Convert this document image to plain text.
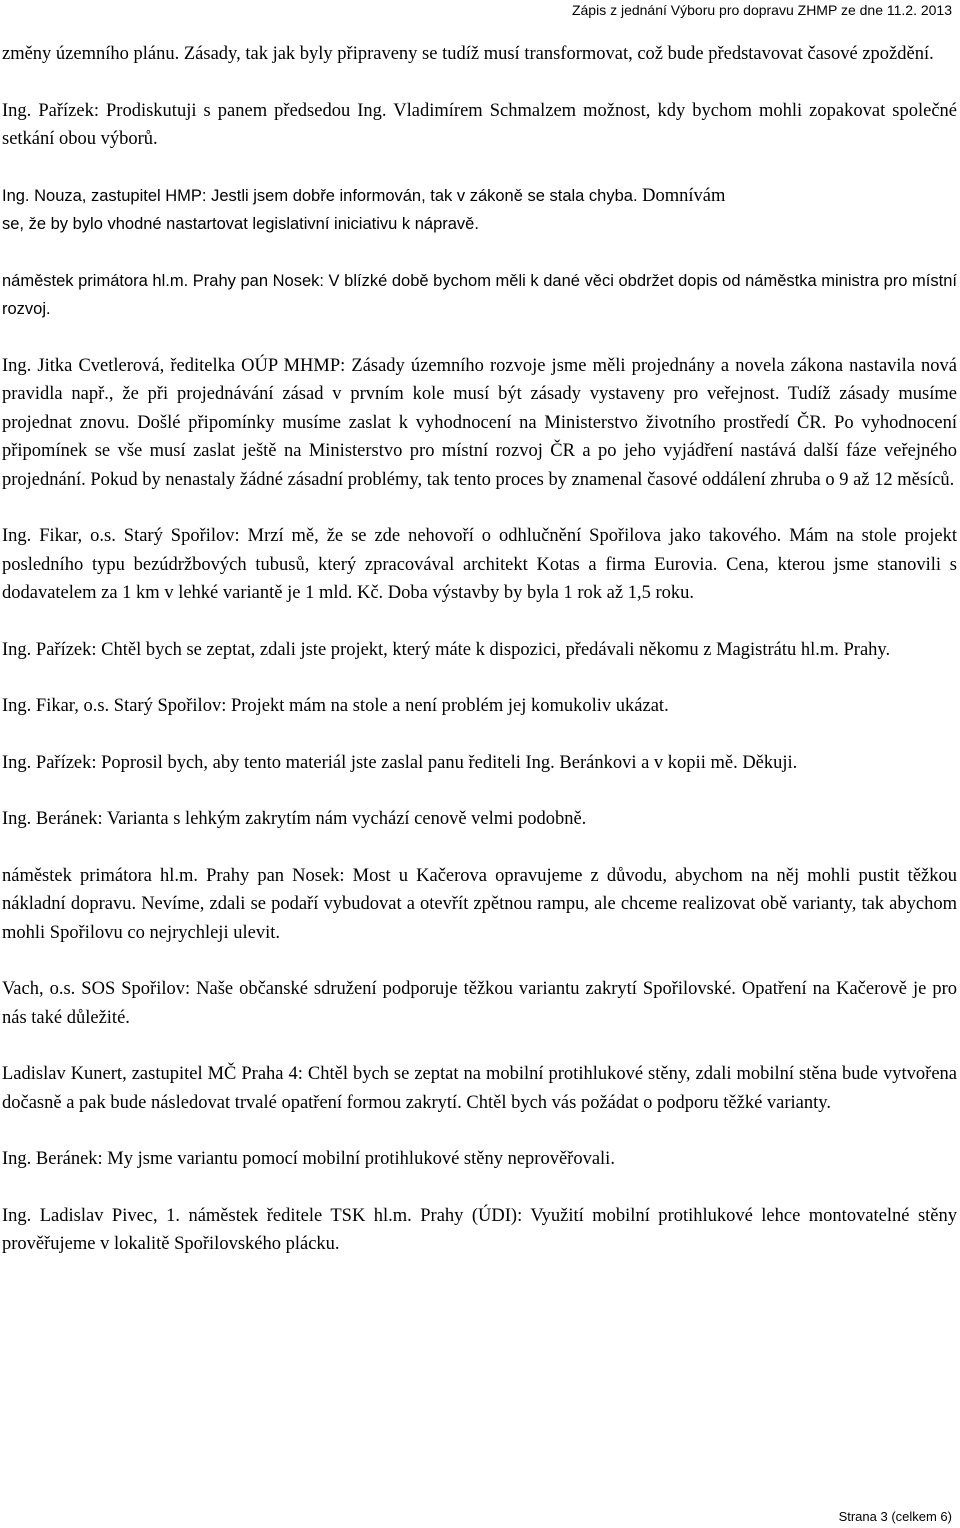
Zápis z jednání Výboru pro dopravu ZHMP ze dne 11.2. 2013

změny územního plánu. Zásady, tak jak byly připraveny se tudíž musí transformovat, což bude představovat časové zpoždění.

Ing. Pařízek: Prodiskutuji s panem předsedou Ing. Vladimírem Schmalzem možnost, kdy bychom mohli zopakovat společné setkání obou výborů.

Ing. Nouza, zastupitel HMP: Jestli jsem dobře informován, tak v zákoně se stala chyba. Domnívám

se, že by bylo vhodné nastartovat legislativní iniciativu k nápravě.

náměstek primátora hl.m. Prahy pan Nosek: V blízké době bychom měli k dané věci obdržet dopis od náměstka ministra pro místní rozvoj.

Ing. Jitka Cvetlerová, ředitelka OÚP MHMP: Zásady územního rozvoje jsme měli projednány a novela zákona nastavila nová pravidla např., že při projednávání zásad v prvním kole musí být zásady vystaveny pro veřejnost. Tudíž zásady musíme projednat znovu. Došlé připomínky musíme zaslat k vyhodnocení na Ministerstvo životního prostředí ČR. Po vyhodnocení připomínek se vše musí zaslat ještě na Ministerstvo pro místní rozvoj ČR a po jeho vyjádření nastává další fáze veřejného projednání. Pokud by nenastaly žádné zásadní problémy, tak tento proces by znamenal časové oddálení zhruba o 9 až 12 měsíců.

Ing. Fikar, o.s. Starý Spořilov: Mrzí mě, že se zde nehovoří o odhlučnění Spořilova jako takového. Mám na stole projekt posledního typu bezúdržbových tubusů, který zpracovával architekt Kotas a firma Eurovia. Cena, kterou jsme stanovili s dodavatelem za 1 km v lehké variantě je 1 mld. Kč. Doba výstavby by byla 1 rok až 1,5 roku.

Ing. Pařízek: Chtěl bych se zeptat, zdali jste projekt, který máte k dispozici, předávali někomu z Magistrátu hl.m. Prahy.

Ing. Fikar, o.s. Starý Spořilov: Projekt mám na stole a není problém jej komukoliv ukázat.

Ing. Pařízek: Poprosil bych, aby tento materiál jste zaslal panu řediteli Ing. Beránkovi a v kopii mě. Děkuji.

Ing. Beránek: Varianta s lehkým zakrytím nám vychází cenově velmi podobně.

náměstek primátora hl.m. Prahy pan Nosek: Most u Kačerova opravujeme z důvodu, abychom na něj mohli pustit těžkou nákladní dopravu. Nevíme, zdali se podaří vybudovat a otevřít zpětnou rampu, ale chceme realizovat obě varianty, tak abychom mohli Spořilovu co nejrychleji ulevit.

Vach, o.s. SOS Spořilov: Naše občanské sdružení podporuje těžkou variantu zakrytí Spořilovské. Opatření na Kačerově je pro nás také důležité.

Ladislav Kunert, zastupitel MČ Praha 4: Chtěl bych se zeptat na mobilní protihlukové stěny, zdali mobilní stěna bude vytvořena dočasně a pak bude následovat trvalé opatření formou zakrytí. Chtěl bych vás požádat o podporu těžké varianty.

Ing. Beránek: My jsme variantu pomocí mobilní protihlukové stěny neprověřovali.

Ing. Ladislav Pivec, 1. náměstek ředitele TSK hl.m. Prahy (ÚDI): Využití mobilní protihlukové lehce montovatelné stěny prověřujeme v lokalitě Spořilovského plácku.

Strana 3 (celkem 6)
